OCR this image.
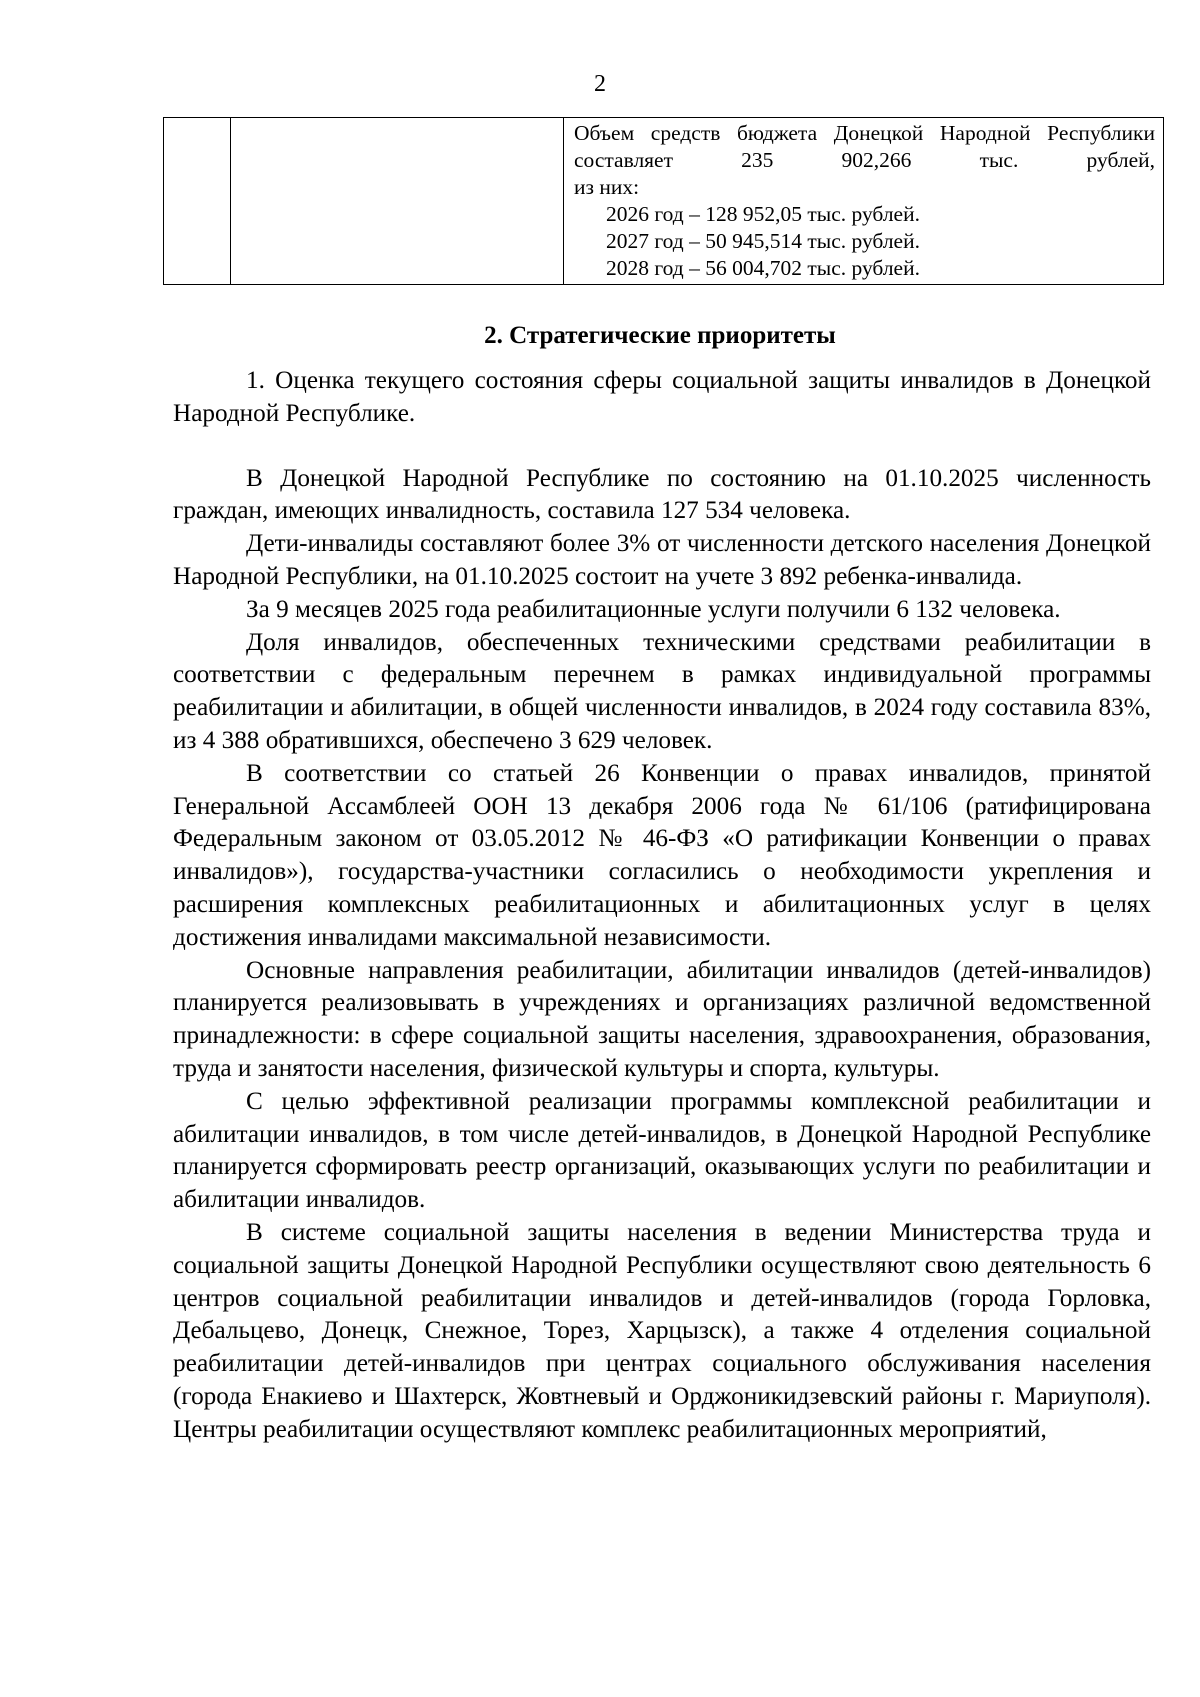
2

Объем средств бюджета Донецкой Народной Республики составляет 235 902,266 тыс. рублей,
из них:
2026 год – 128 952,05 тыс. рублей.
2027 год – 50 945,514 тыс. рублей.
2028 год – 56 004,702 тыс. рублей.
2. Стратегические приоритеты

1. Оценка текущего состояния сферы социальной защиты инвалидов в Донецкой Народной Республике.

В Донецкой Народной Республике по состоянию на 01.10.2025 численность граждан, имеющих инвалидность, составила 127 534 человека.

Дети-инвалиды составляют более 3% от численности детского населения Донецкой Народной Республики, на 01.10.2025 состоит на учете 3 892 ребенка-инвалида.

За 9 месяцев 2025 года реабилитационные услуги получили 6 132 человека.

Доля инвалидов, обеспеченных техническими средствами реабилитации в соответствии с федеральным перечнем в рамках индивидуальной программы реабилитации и абилитации, в общей численности инвалидов, в 2024 году составила 83%, из 4 388 обратившихся, обеспечено 3 629 человек.

В соответствии со статьей 26 Конвенции о правах инвалидов, принятой Генеральной Ассамблеей ООН 13 декабря 2006 года № 61/106 (ратифицирована Федеральным законом от 03.05.2012 № 46-ФЗ «О ратификации Конвенции о правах инвалидов»), государства-участники согласились о необходимости укрепления и расширения комплексных реабилитационных и абилитационных услуг в целях достижения инвалидами максимальной независимости.

Основные направления реабилитации, абилитации инвалидов (детей-инвалидов) планируется реализовывать в учреждениях и организациях различной ведомственной принадлежности: в сфере социальной защиты населения, здравоохранения, образования, труда и занятости населения, физической культуры и спорта, культуры.

С целью эффективной реализации программы комплексной реабилитации и абилитации инвалидов, в том числе детей-инвалидов, в Донецкой Народной Республике планируется сформировать реестр организаций, оказывающих услуги по реабилитации и абилитации инвалидов.

В системе социальной защиты населения в ведении Министерства труда и социальной защиты Донецкой Народной Республики осуществляют свою деятельность 6 центров социальной реабилитации инвалидов и детей-инвалидов (города Горловка, Дебальцево, Донецк, Снежное, Торез, Харцызск), а также 4 отделения социальной реабилитации детей-инвалидов при центрах социального обслуживания населения (города Енакиево и Шахтерск, Жовтневый и Орджоникидзевский районы г. Мариуполя). Центры реабилитации осуществляют комплекс реабилитационных мероприятий,
